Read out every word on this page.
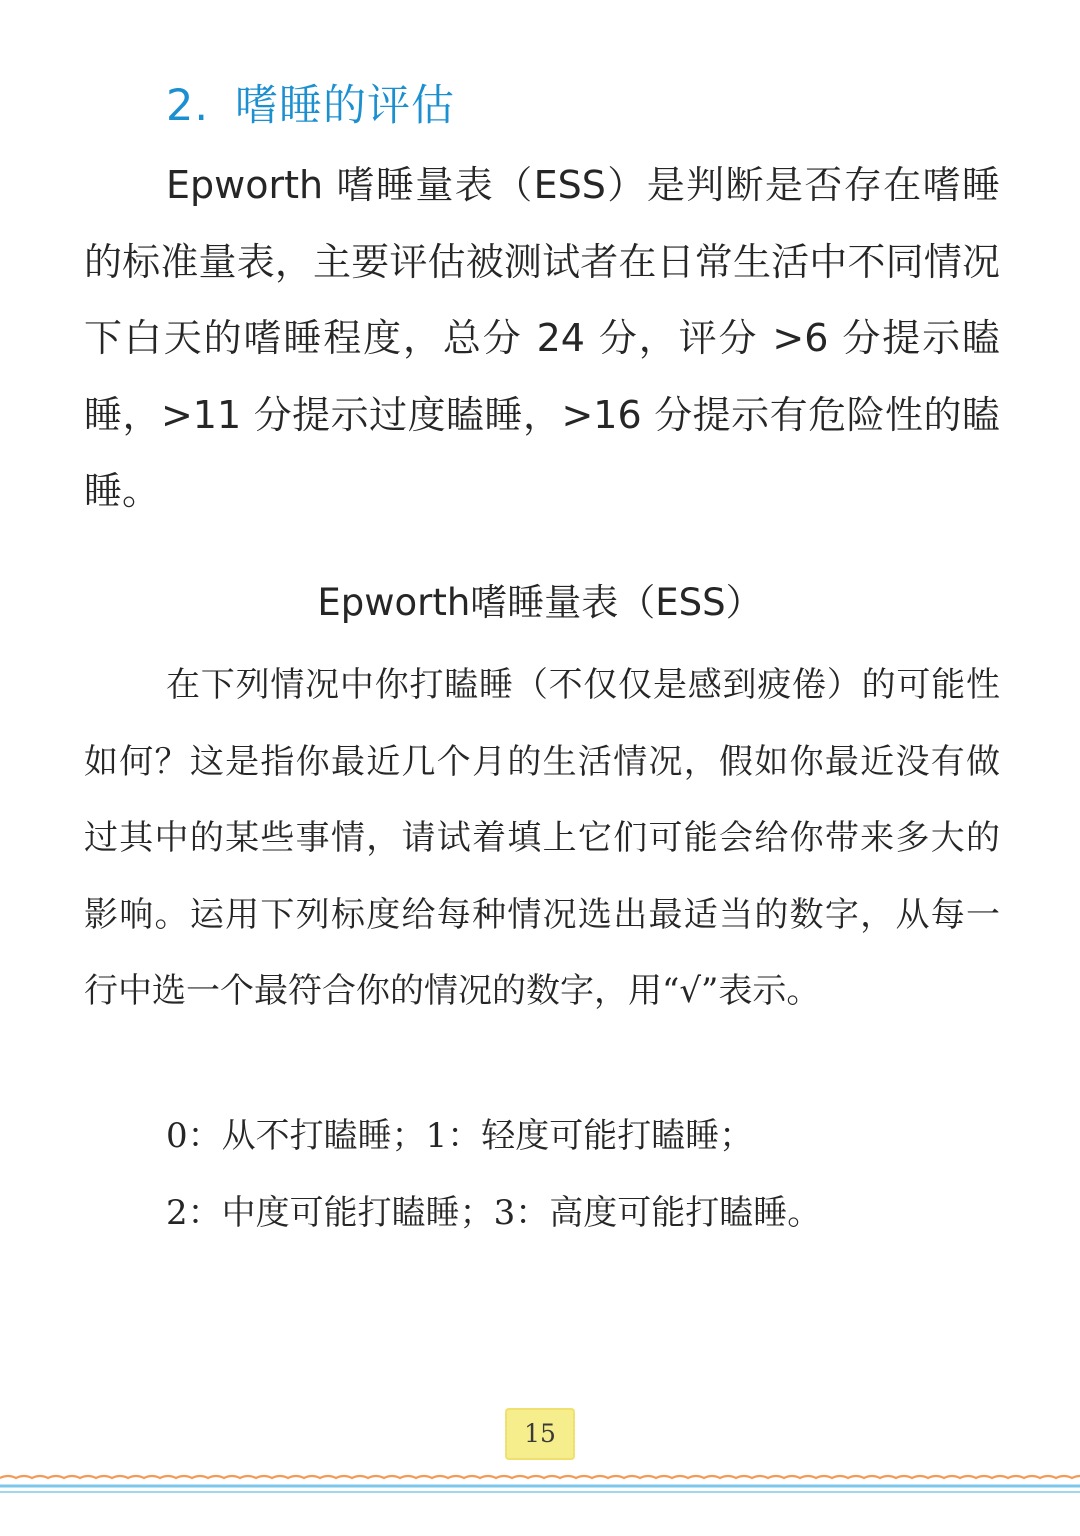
2. 嗜睡的评估

Epworth 嗜睡量表（ESS）是判断是否存在嗜睡的标准量表，主要评估被测试者在日常生活中不同情况下白天的嗜睡程度，总分 24 分，评分 >6 分提示瞌睡，>11 分提示过度瞌睡，>16 分提示有危险性的瞌睡。

Epworth嗜睡量表（ESS）

在下列情况中你打瞌睡（不仅仅是感到疲倦）的可能性如何？这是指你最近几个月的生活情况，假如你最近没有做过其中的某些事情，请试着填上它们可能会给你带来多大的影响。运用下列标度给每种情况选出最适当的数字，从每一行中选一个最符合你的情况的数字，用“√”表示。

0：从不打瞌睡；1：轻度可能打瞌睡；
2：中度可能打瞌睡；3：高度可能打瞌睡。
15
